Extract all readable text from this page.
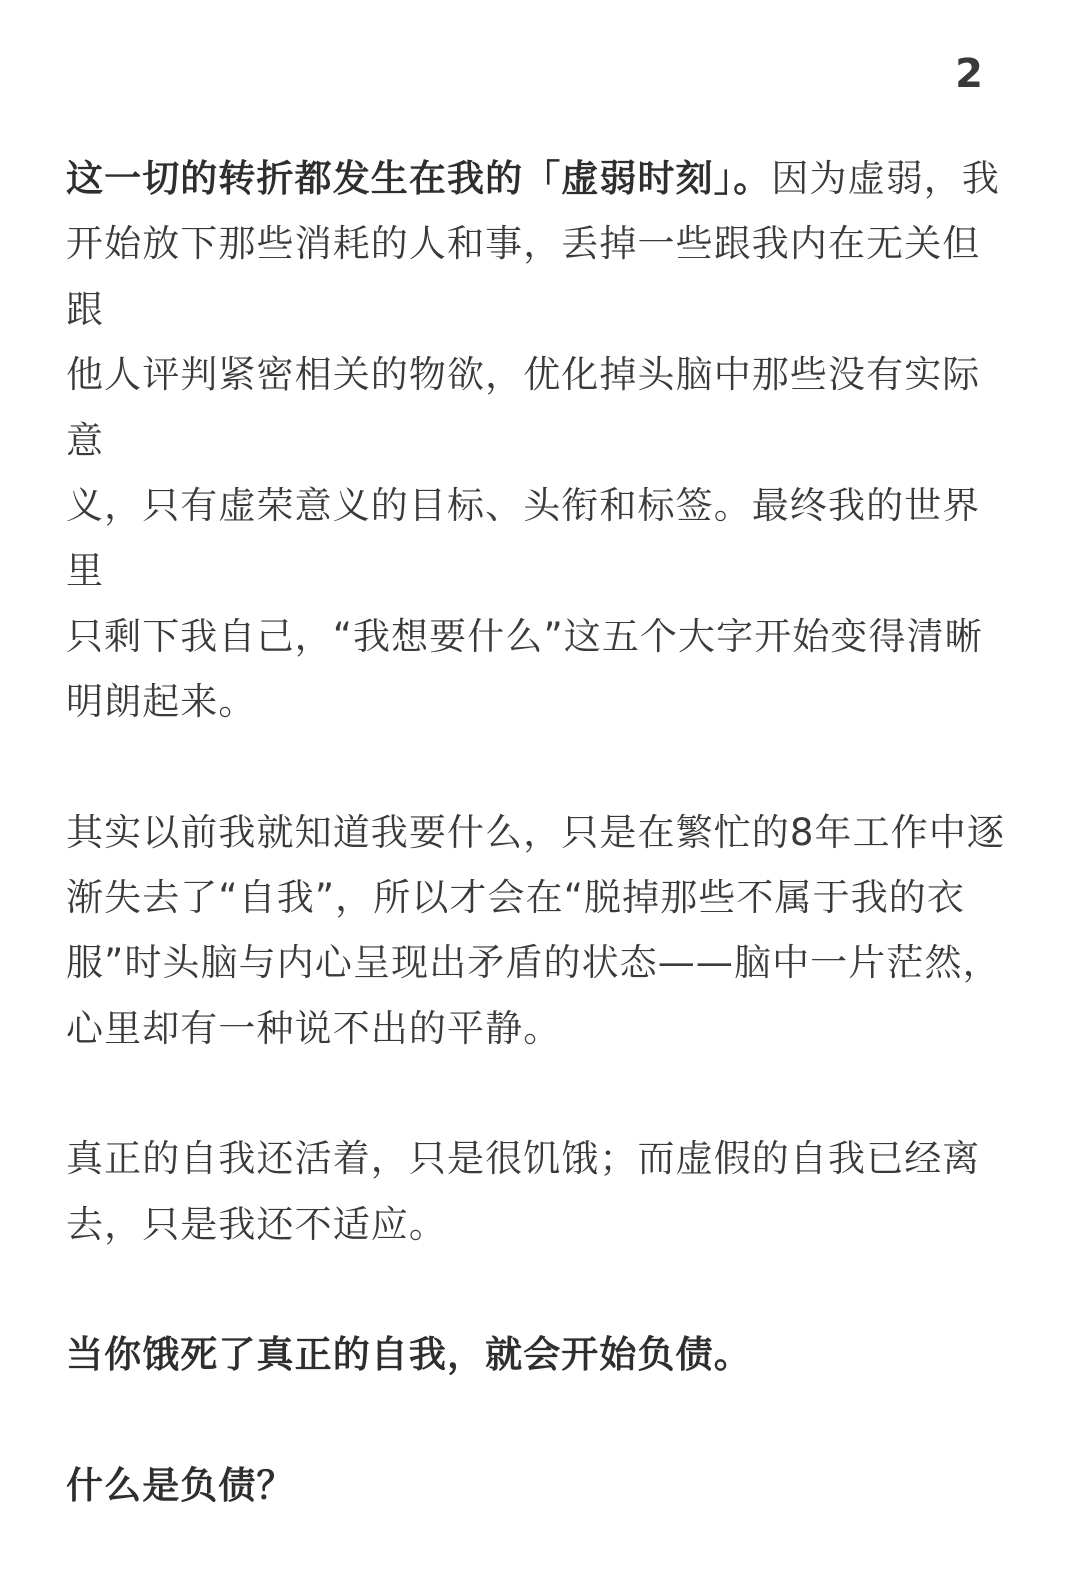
2

这一切的转折都发生在我的「虚弱时刻」。因为虚弱，我
开始放下那些消耗的人和事，丢掉一些跟我内在无关但跟
他人评判紧密相关的物欲，优化掉头脑中那些没有实际意
义，只有虚荣意义的目标、头衔和标签。最终我的世界里
只剩下我自己，“我想要什么”这五个大字开始变得清晰
明朗起来。

其实以前我就知道我要什么，只是在繁忙的8年工作中逐
渐失去了“自我”，所以才会在“脱掉那些不属于我的衣
服”时头脑与内心呈现出矛盾的状态——脑中一片茫然，
心里却有一种说不出的平静。

真正的自我还活着，只是很饥饿；而虚假的自我已经离
去，只是我还不适应。

当你饿死了真正的自我，就会开始负债。

什么是负债？
